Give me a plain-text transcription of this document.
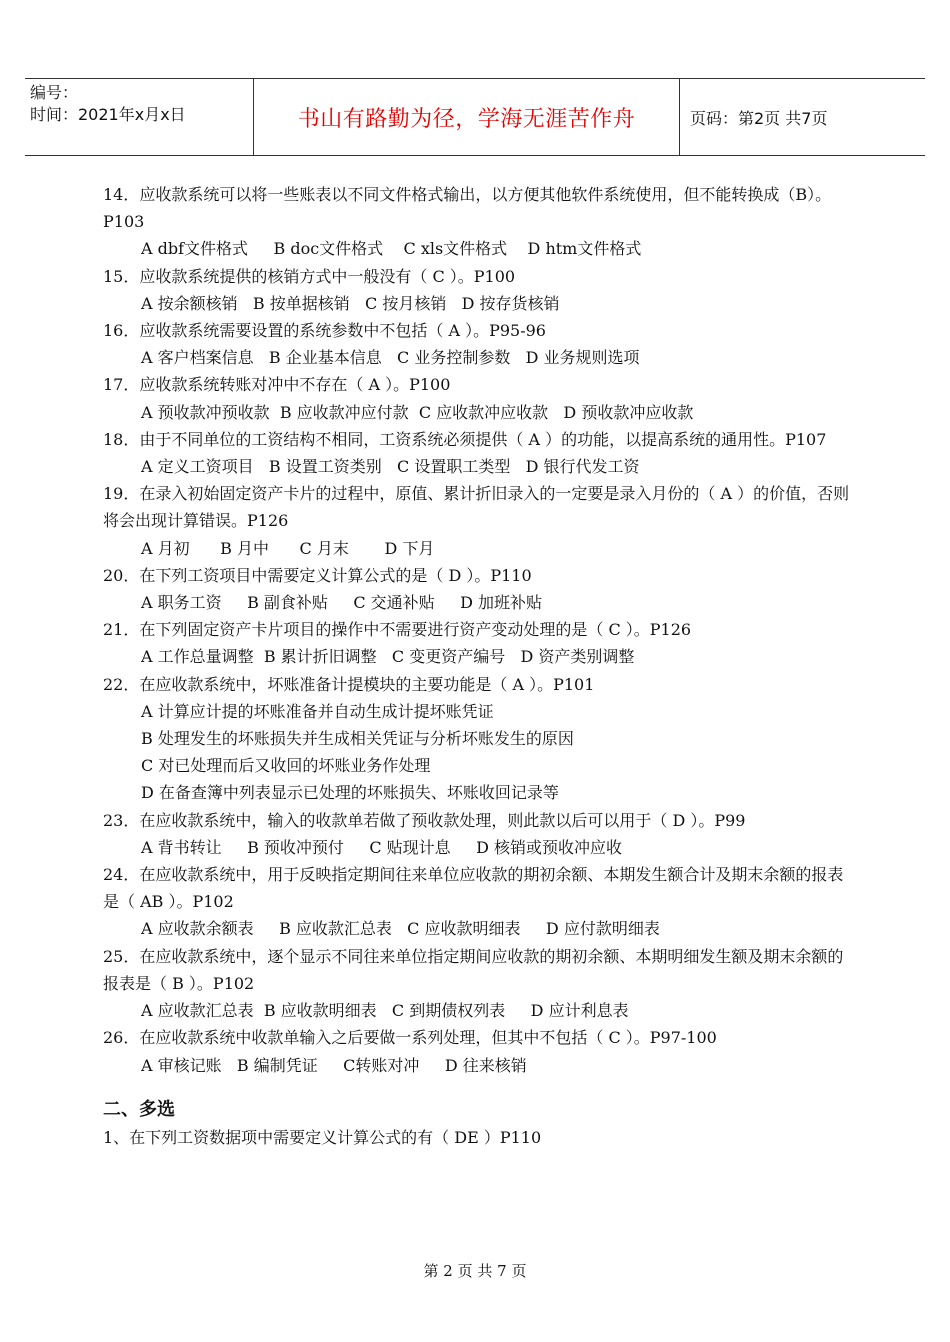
编号：
时间：2021年x月x日	书山有路勤为径，学海无涯苦作舟	页码：第2页 共7页

14．应收款系统可以将一些账表以不同文件格式输出，以方便其他软件系统使用，但不能转换成（B）。P103

A dbf文件格式     B doc文件格式    C xls文件格式    D htm文件格式

15．应收款系统提供的核销方式中一般没有（ C ）。P100

A 按余额核销   B 按单据核销   C 按月核销   D 按存货核销

16．应收款系统需要设置的系统参数中不包括（ A ）。P95-96

A 客户档案信息   B 企业基本信息   C 业务控制参数   D 业务规则选项

17．应收款系统转账对冲中不存在（ A ）。P100

A 预收款冲预收款  B 应收款冲应付款  C 应收款冲应收款   D 预收款冲应收款

18．由于不同单位的工资结构不相同，工资系统必须提供（ A ）的功能，以提高系统的通用性。P107

A 定义工资项目   B 设置工资类别   C 设置职工类型   D 银行代发工资

19．在录入初始固定资产卡片的过程中，原值、累计折旧录入的一定要是录入月份的（ A ）的价值，否则将会出现计算错误。P126

A 月初      B 月中      C 月末       D 下月

20．在下列工资项目中需要定义计算公式的是（ D ）。P110

A 职务工资     B 副食补贴     C 交通补贴     D 加班补贴

21．在下列固定资产卡片项目的操作中不需要进行资产变动处理的是（ C ）。P126

A 工作总量调整  B 累计折旧调整   C 变更资产编号   D 资产类别调整

22．在应收款系统中，坏账准备计提模块的主要功能是（ A ）。P101

A 计算应计提的坏账准备并自动生成计提坏账凭证

B 处理发生的坏账损失并生成相关凭证与分析坏账发生的原因

C 对已处理而后又收回的坏账业务作处理

D 在备查簿中列表显示已处理的坏账损失、坏账收回记录等

23．在应收款系统中，输入的收款单若做了预收款处理，则此款以后可以用于（ D ）。P99

A 背书转让     B 预收冲预付     C 贴现计息     D 核销或预收冲应收

24．在应收款系统中，用于反映指定期间往来单位应收款的期初余额、本期发生额合计及期末余额的报表是（ AB ）。P102

A 应收款余额表     B 应收款汇总表   C 应收款明细表     D 应付款明细表

25．在应收款系统中，逐个显示不同往来单位指定期间应收款的期初余额、本期明细发生额及期末余额的报表是（ B ）。P102

A 应收款汇总表  B 应收款明细表   C 到期债权列表     D 应计利息表

26．在应收款系统中收款单输入之后要做一系列处理，但其中不包括（ C ）。P97-100

A 审核记账   B 编制凭证     C转账对冲     D 往来核销

二、多选

1、在下列工资数据项中需要定义计算公式的有（ DE ）P110

第 2 页 共 7 页
